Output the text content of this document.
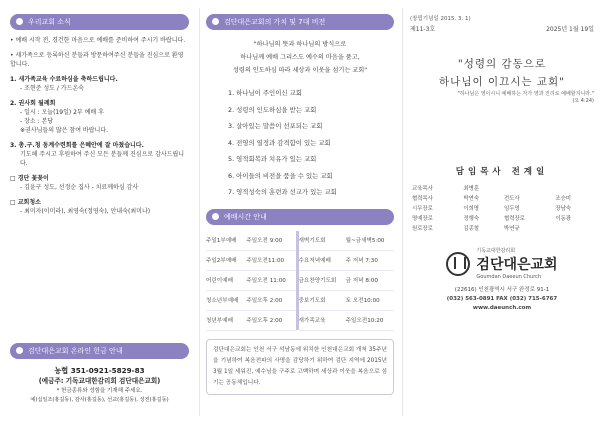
우리교회 소식

• 예배 시작 전, 경건한 마음으로 예배를 준비하여 주시기 바랍니다.

• 새가족으로 등록하신 분들과 방문하여주신 분들을 진심으로 환영합니다.

1. 새가족교육 수료하심을 축하드립니다.

- 조현준 성도 / 가드온숙

2. 권사회 월례회

- 일시 : 오늘(19일) 2부 예배 후

- 장소 : 본당

※권사님들의 많은 참여 바랍니다.

3. 총.구.청 동계수련회를 은혜안에 잘 마쳤습니다.

기도해 주시고 후원하여 주신 모든 분들께 진심으로 감사드립니다.

□ 경단 꽃꽂이

- 김윤구 성도, 선정순 집사 - 치료께하심 감사

□ 교회청소

- 최미자(이미라), 최영숙(정영숙), 안내숙(최미나)

검단대은교회 온라인 헌금 안내
농협 351-0921-5829-83
(예금주: 기독교대한감리회 검단대은교회)
* 헌금종류와 성함을 기재해 주세요.
예)십일조(홍길동), 감사(홍길동), 선교(홍길동), 성전(홍길동)
검단대은교회의 가치 및 7대 비전
"하나님의 뜻과 하나님의 방식으로
하나님께 예배 그리스도 예수의 마음을 품고,
성령의 인도하심 따라 세상과 이웃을 섬기는 교회"
1. 하나님이 주인이신 교회
2. 성령의 인도하심을 받는 교회
3. 살아있는 말씀이 선포되는 교회
4. 전영의 열정과 감격함이 있는 교회
5. 영적회복과 치유가 있는 교회
6. 아이들의 비전을 품을 수 있는 교회
7. 영적성숙의 훈련과 선교가 있는 교회
예배시간 안내
주일1부예배	주일오전 9:00		새벽기도회	월~금새벽5:00
주일2부예배	주일오전11:00		수요저녁예배	주 저녁 7:30
어린이예배	주일오전 11:00		금요찬양기도회	금 저녁 8:00
청소년부예배	주일오후 2:00		중보기도회	토 오전10:00
청년부예배	주일오후 2:00		새가족교육	주일오전10:20
검단대은교회는 인천 서구 석남동에 위치한 인천대은교회 개척 35주년을 기념하여 복음전파의 사명을 감당하기 위하여 검단 지역에 2015년 3월 1일 세워진, 예수님을 구주로 고백하며 세상과 이웃을 복음으로 섬기는 공동체입니다.
(창립기념일 2015. 3. 1)
제11-3호	2025년 1월 19일
"성령의 감동으로
하나님이 이끄시는 교회"
"하나님은 영이시니 예배하는 자가 영과 진리로 예배할지니라."
(요 4:24)
담임목사 전계일
교육목사	최병훈		
협력목사	박연숙	전도사	조승미
시무장로	이희명	임두영	장남숙
명예장로	정행숙	협력장로	이동광
원로장로	김종철	박연규	
기독교대한감리회
검단대은교회
Goumdan Daeeun Church
(22616) 인천광역시 서구 완정로 91-1
(032) 563-0891 FAX (032) 715-6767
www.daeunch.com
